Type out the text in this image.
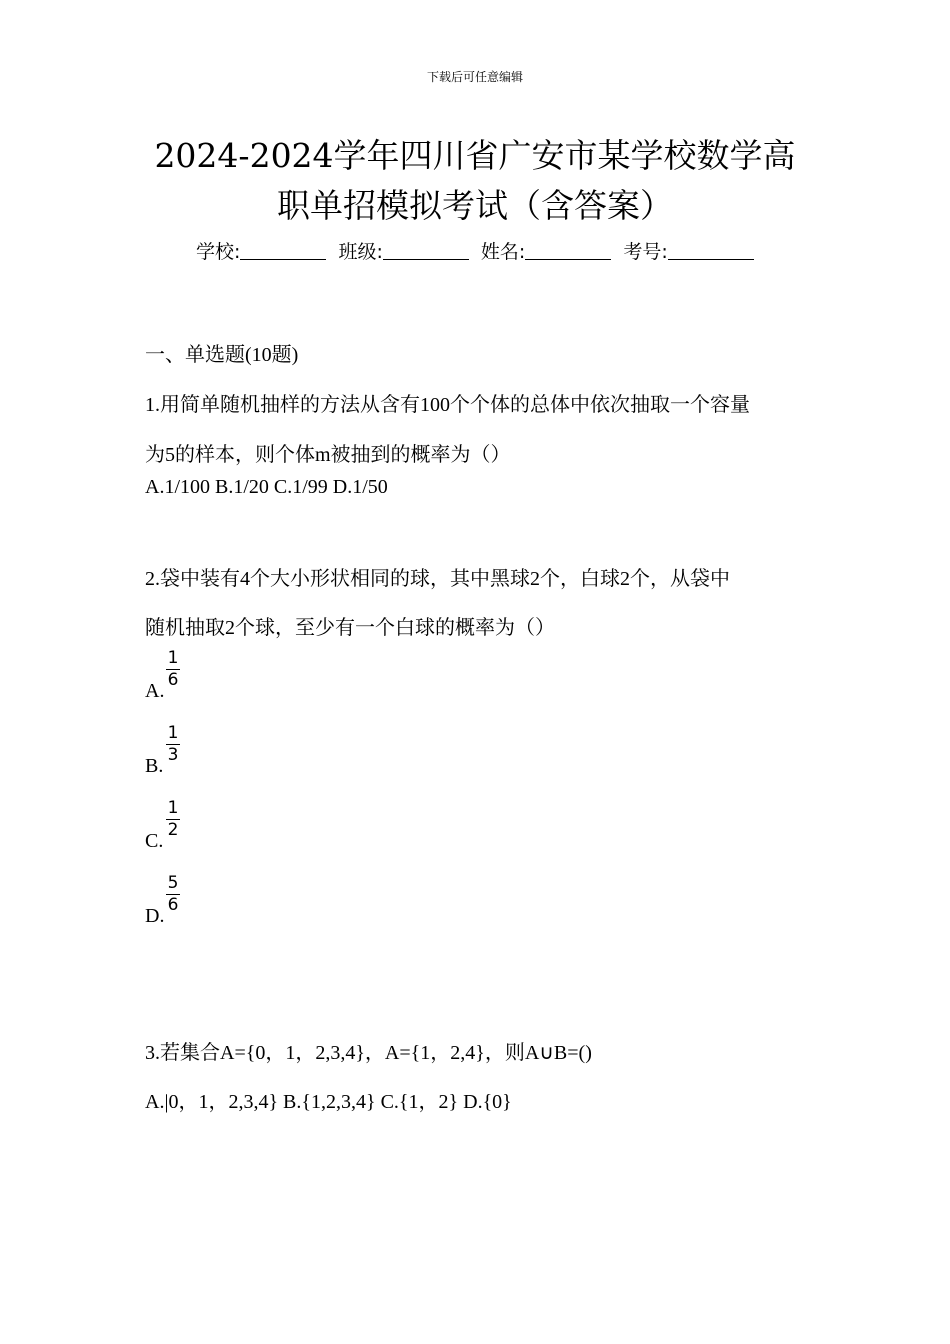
下载后可任意编辑
2024-2024学年四川省广安市某学校数学高
职单招模拟考试（含答案）
学校:	班级:	姓名:	考号:
一、单选题(10题)
1.用简单随机抽样的方法从含有100个个体的总体中依次抽取一个容量
为5的样本，则个体m被抽到的概率为（）
A.1/100 B.1/20 C.1/99 D.1/50
2.袋中装有4个大小形状相同的球，其中黑球2个，白球2个，从袋中
随机抽取2个球，至少有一个白球的概率为（）
A.
1
6
B.
1
3
C.
1
2
D.
5
6
3.若集合A={0，1，2,3,4}，A={1，2,4}，则A∪B=()
A.|0，1，2,3,4} B.{1,2,3,4} C.{1，2} D.{0}
